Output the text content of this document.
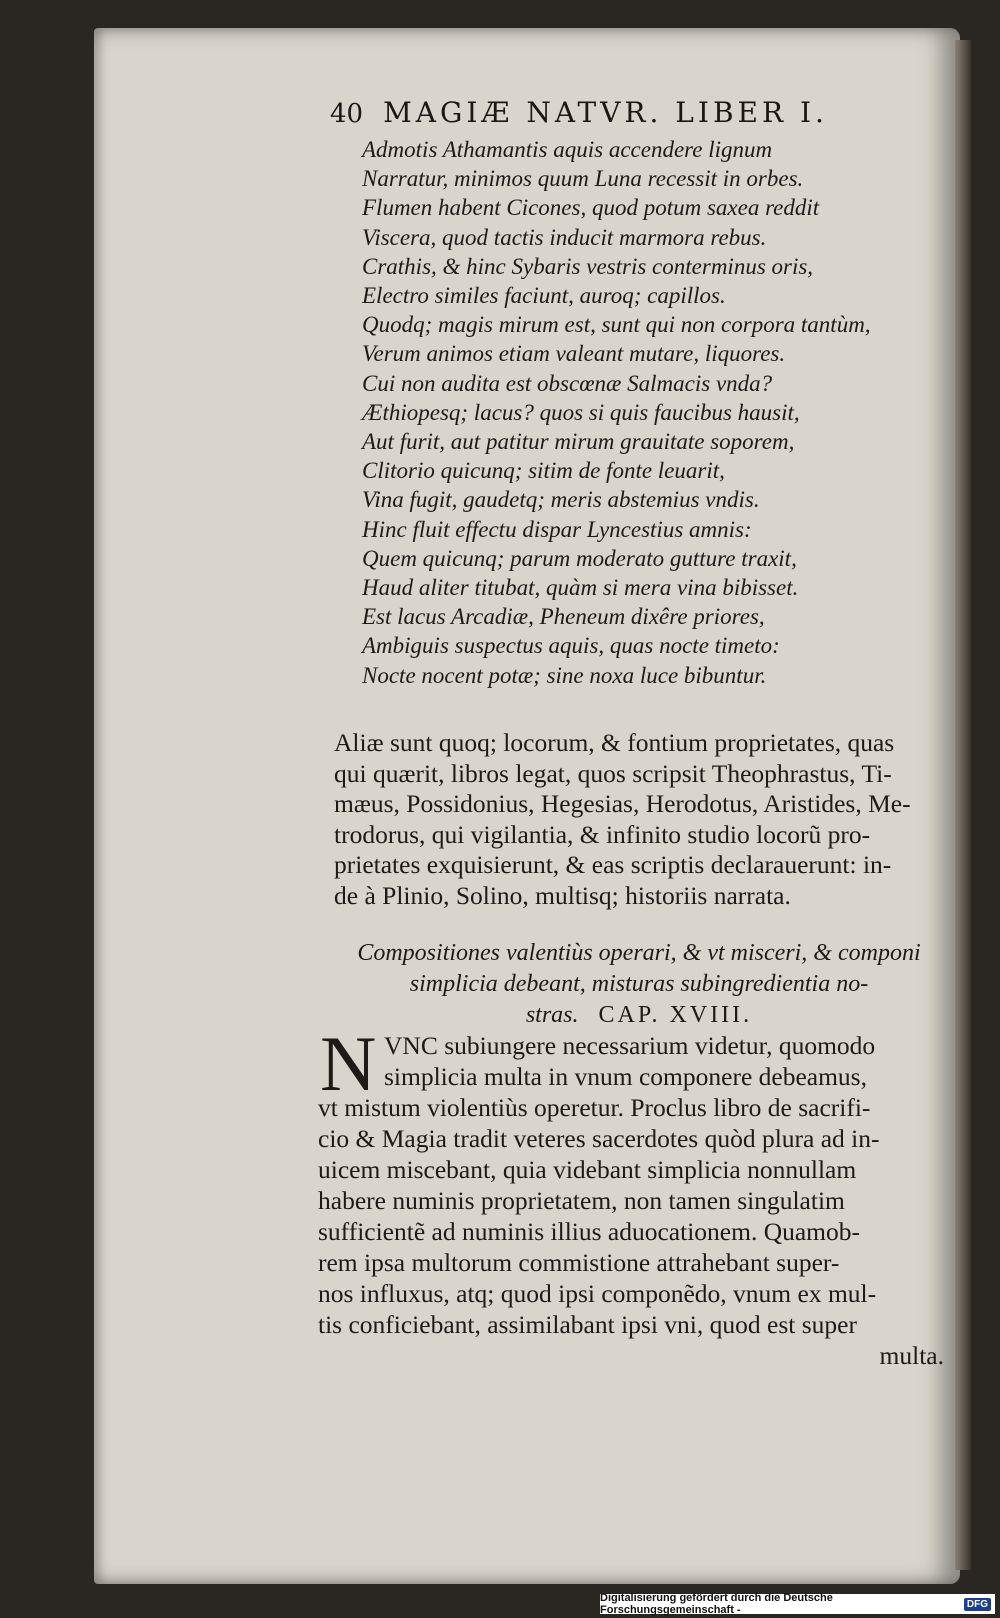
40 MAGIÆ NATVR. LIBER I.
Admotis Athamantis aquis accendere lignum
Narratur, minimos quum Luna recessit in orbes.
Flumen habent Cicones, quod potum saxea reddit
Viscera, quod tactis inducit marmora rebus.
Crathis, & hinc Sybaris vestris conterminus oris,
Electro similes faciunt, auroq; capillos.
Quodq; magis mirum est, sunt qui non corpora tantùm,
Verum animos etiam valeant mutare, liquores.
Cui non audita est obscœnæ Salmacis vnda?
Æthiopesq; lacus? quos si quis faucibus hausit,
Aut furit, aut patitur mirum grauitate soporem,
Clitorio quicunq; sitim de fonte leuarit,
Vina fugit, gaudetq; meris abstemius vndis.
Hinc fluit effectu dispar Lyncestius amnis:
Quem quicunq; parum moderato gutture traxit,
Haud aliter titubat, quàm si mera vina bibisset.
Est lacus Arcadiæ, Pheneum dixêre priores,
Ambiguis suspectus aquis, quas nocte timeto:
Nocte nocent potæ; sine noxa luce bibuntur.
Aliæ sunt quoq; locorum, & fontium proprietates, quas
qui quærit, libros legat, quos scripsit Theophrastus, Ti-
mæus, Possidonius, Hegesias, Herodotus, Aristides, Me-
trodorus, qui vigilantia, & infinito studio locorũ pro-
prietates exquisierunt, & eas scriptis declarauerunt: in-
de à Plinio, Solino, multisq; historiis narrata.
Compositiones valentiùs operari, & vt misceri, & componi
simplicia debeant, misturas subingredientia no-
stras. CAP. XVIII.
N VNC subiungere necessarium videtur, quomodo
simplicia multa in vnum componere debeamus,
vt mistum violentiùs operetur. Proclus libro de sacrifi-
cio & Magia tradit veteres sacerdotes quòd plura ad in-
uicem miscebant, quia videbant simplicia nonnullam
habere numinis proprietatem, non tamen singulatim
sufficientẽ ad numinis illius aduocationem. Quamob-
rem ipsa multorum commistione attrahebant super-
nos influxus, atq; quod ipsi componẽdo, vnum ex mul-
tis conficiebant, assimilabant ipsi vni, quod est super
multa.
Digitalisierung gefördert durch die Deutsche Forschungsgemeinschaft -	DFG
